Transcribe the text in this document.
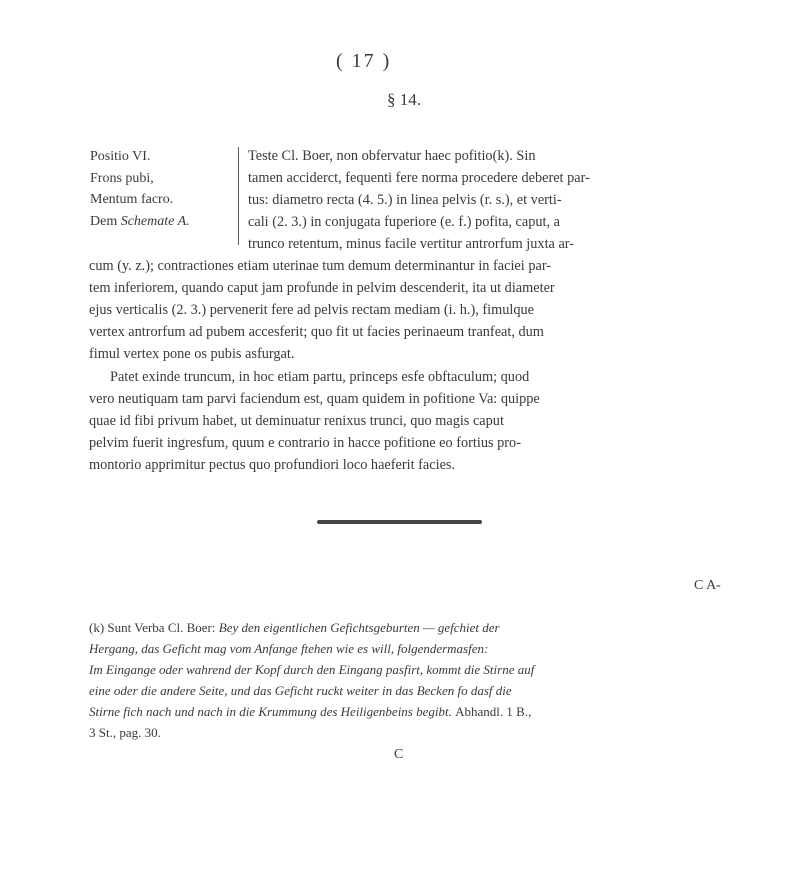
( 17 )
§ 14.
Positio VI.
Frons pubi,
Mentum facro.
Dem Schemate A.
Teste Cl. Boer, non obfervatur haec pofitio(k). Sin
tamen acciderct, fequenti fere norma procedere deberet par-
tus: diametro recta (4. 5.) in linea pelvis (r. s.), et verti-
cali (2. 3.) in conjugata fuperiore (e. f.) pofita, caput, a
trunco retentum, minus facile vertitur antrorfum juxta ar-
cum (y. z.); contractiones etiam uterinae tum demum determinantur in faciei par-
tem inferiorem, quando caput jam profunde in pelvim descenderit, ita ut diameter
ejus verticalis (2. 3.) pervenerit fere ad pelvis rectam mediam (i. h.), fimulque
vertex antrorfum ad pubem accesferit; quo fit ut facies perinaeum tranfeat, dum
fimul vertex pone os pubis asfurgat.
Patet exinde truncum, in hoc etiam partu, princeps esfe obftaculum; quod
vero neutiquam tam parvi faciendum est, quam quidem in pofitione Va: quippe
quae id fibi privum habet, ut deminuatur renixus trunci, quo magis caput
pelvim fuerit ingresfum, quum e contrario in hacce pofitione eo fortius pro-
montorio apprimitur pectus quo profundiori loco haeferit facies.
C A-
(k) Sunt Verba Cl. Boer: Bey den eigentlichen Gefichtsgeburten — gefchiet der
Hergang, das Geficht mag vom Anfange ftehen wie es will, folgendermasfen:
Im Eingange oder wahrend der Kopf durch den Eingang pasfirt, kommt die Stirne auf
eine oder die andere Seite, und das Geficht ruckt weiter in das Becken fo dasf die
Stirne fich nach und nach in die Krummung des Heiligenbeins begibt. Abhandl. 1 B.,
3 St., pag. 30.
C
